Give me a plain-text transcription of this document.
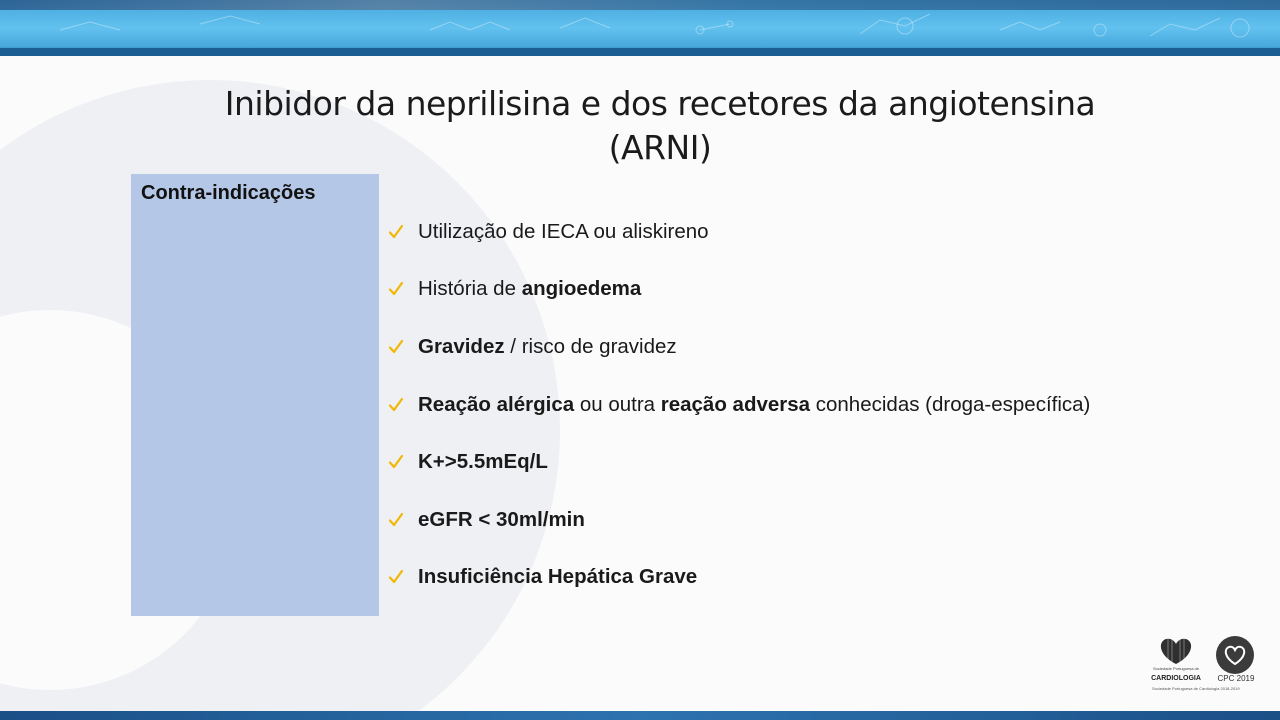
Inibidor da neprilisina e dos recetores da angiotensina
(ARNI)
Contra-indicações
Utilização de IECA ou aliskireno
História de angioedema
Gravidez / risco de gravidez
Reação alérgica ou outra reação adversa conhecidas (droga-específica)
K+>5.5mEq/L
eGFR < 30ml/min
Insuficiência Hepática Grave
Sociedade Portuguesa de
CARDIOLOGIA	CPC 2019
Sociedade Portuguesa de Cardiologia 2018-2019
